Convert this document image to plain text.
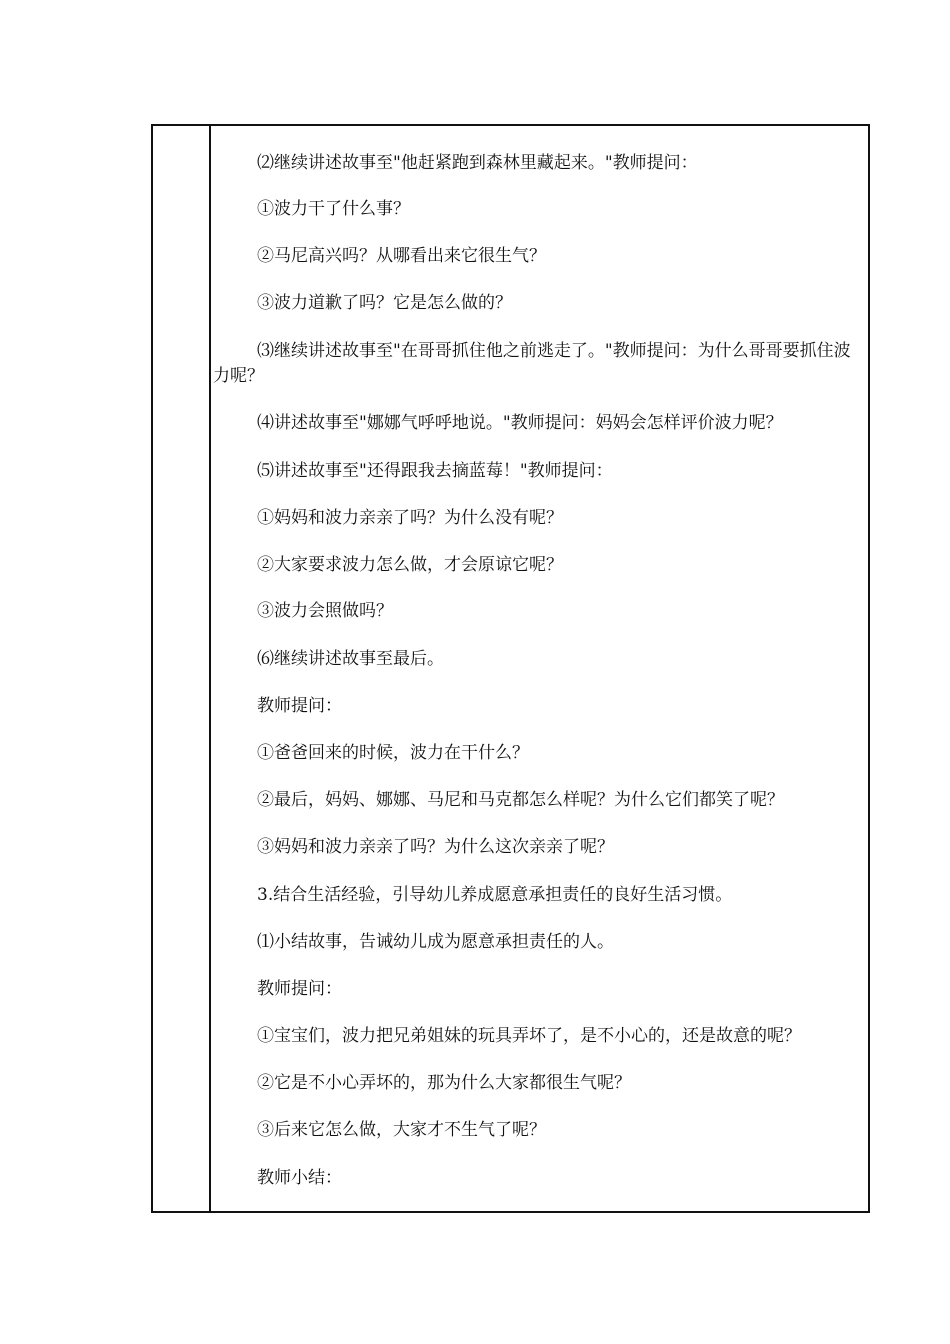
⑵继续讲述故事至"他赶紧跑到森林里藏起来。"教师提问：

①波力干了什么事？

②马尼高兴吗？从哪看出来它很生气？

③波力道歉了吗？它是怎么做的？

⑶继续讲述故事至"在哥哥抓住他之前逃走了。"教师提问：为什么哥哥要抓住波力呢？

⑷讲述故事至"娜娜气呼呼地说。"教师提问：妈妈会怎样评价波力呢？

⑸讲述故事至"还得跟我去摘蓝莓！"教师提问：

①妈妈和波力亲亲了吗？为什么没有呢？

②大家要求波力怎么做，才会原谅它呢？

③波力会照做吗？

⑹继续讲述故事至最后。

教师提问：

①爸爸回来的时候，波力在干什么？

②最后，妈妈、娜娜、马尼和马克都怎么样呢？为什么它们都笑了呢？

③妈妈和波力亲亲了吗？为什么这次亲亲了呢？

3.结合生活经验，引导幼儿养成愿意承担责任的良好生活习惯。

⑴小结故事，告诫幼儿成为愿意承担责任的人。

教师提问：

①宝宝们，波力把兄弟姐妹的玩具弄坏了，是不小心的，还是故意的呢？

②它是不小心弄坏的，那为什么大家都很生气呢？

③后来它怎么做，大家才不生气了呢？

教师小结：
